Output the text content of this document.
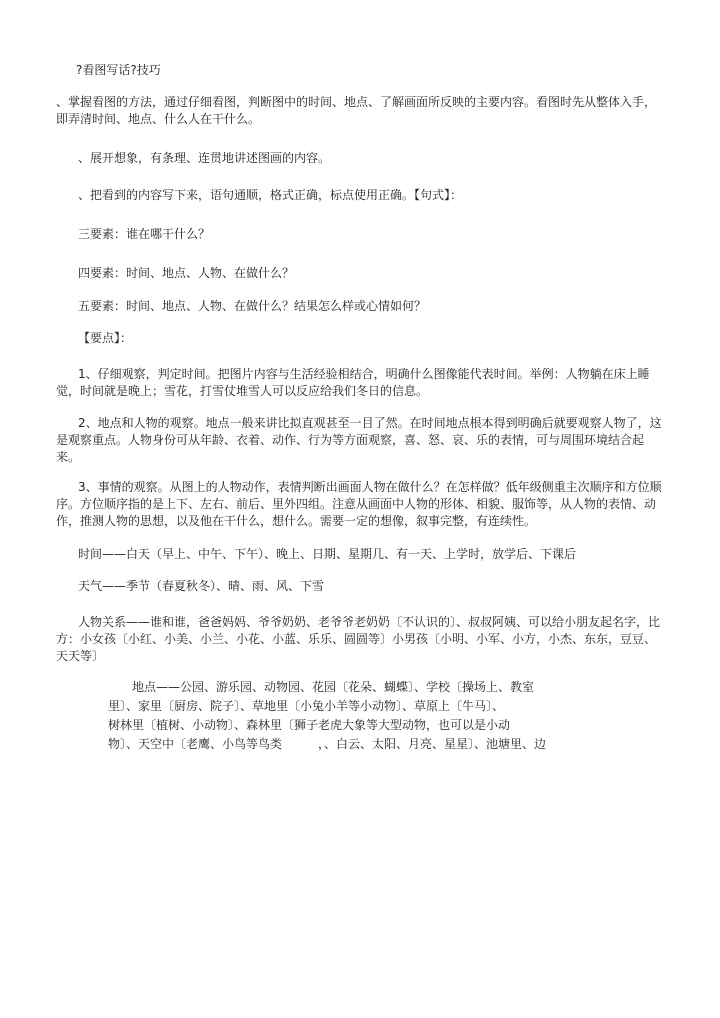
?看图写话?技巧

、掌握看图的方法，通过仔细看图，判断图中的时间、地点、了解画面所反映的主要内容。看图时先从整体入手，即弄清时间、地点、什么人在干什么。

、展开想象，有条理、连贯地讲述图画的内容。

、把看到的内容写下来，语句通顺，格式正确，标点使用正确。【句式】：

三要素：谁在哪干什么？

四要素：时间、地点、人物、在做什么？

五要素：时间、地点、人物、在做什么？结果怎么样或心情如何？

【要点】：

1、仔细观察，判定时间。把图片内容与生活经验相结合，明确什么图像能代表时间。举例：人物躺在床上睡觉，时间就是晚上；雪花，打雪仗堆雪人可以反应给我们冬日的信息。

2、地点和人物的观察。地点一般来讲比拟直观甚至一目了然。在时间地点根本得到明确后就要观察人物了，这是观察重点。人物身份可从年龄、衣着、动作、行为等方面观察，喜、怒、哀、乐的表情，可与周围环境结合起来。

3、事情的观察。从图上的人物动作，表情判断出画面人物在做什么？在怎样做？低年级侧重主次顺序和方位顺序。方位顺序指的是上下、左右、前后、里外四组。注意从画面中人物的形体、相貌、服饰等，从人物的表情、动作，推测人物的思想，以及他在干什么，想什么。需要一定的想像，叙事完整，有连续性。

时间——白天（早上、中午、下午）、晚上、日期、星期几、有一天、上学时，放学后、下课后

天气——季节（春夏秋冬）、晴、雨、风、下雪

人物关系——谁和谁，爸爸妈妈、爷爷奶奶、老爷爷老奶奶〔不认识的〕、叔叔阿姨、可以给小朋友起名字，比方：小女孩〔小红、小美、小兰、小花、小蓝、乐乐、圆圆等〕小男孩〔小明、小军、小方，小杰、东东，豆豆、天天等〕

地点——公园、游乐园、动物园、花园〔花朵、蝴蝶〕、学校〔操场上、教室
里〕、家里〔厨房、院子〕、草地里〔小兔小羊等小动物〕、草原上〔牛马〕、
树林里〔植树、小动物〕、森林里〔狮子老虎大象等大型动物，也可以是小动
物〕、天空中〔老鹰、小鸟等鸟类　　　，、白云、太阳、月亮、星星〕、池塘里、边
